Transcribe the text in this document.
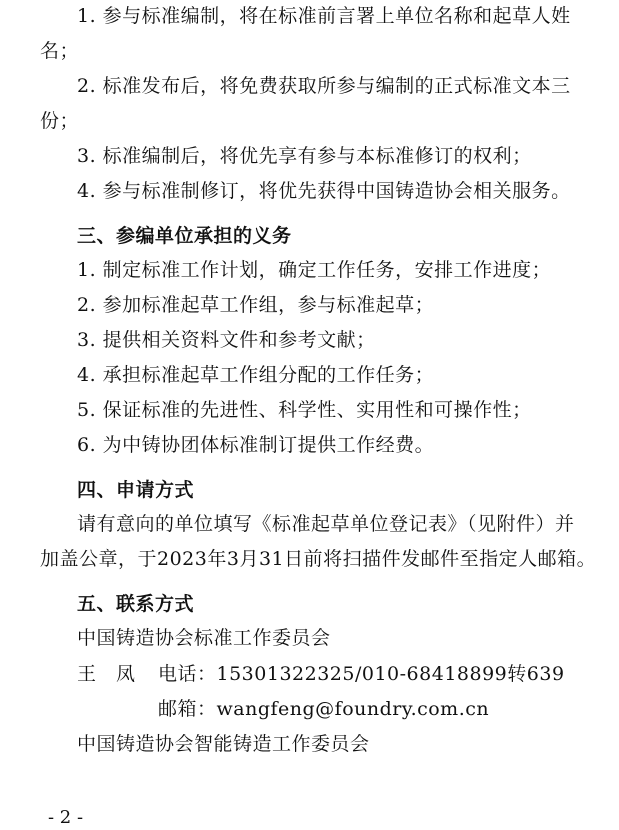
1. 参与标准编制，将在标准前言署上单位名称和起草人姓
名；
2. 标准发布后，将免费获取所参与编制的正式标准文本三
份；
3. 标准编制后，将优先享有参与本标准修订的权利；
4. 参与标准制修订，将优先获得中国铸造协会相关服务。
三、参编单位承担的义务
1. 制定标准工作计划，确定工作任务，安排工作进度；
2. 参加标准起草工作组，参与标准起草；
3. 提供相关资料文件和参考文献；
4. 承担标准起草工作组分配的工作任务；
5. 保证标准的先进性、科学性、实用性和可操作性；
6. 为中铸协团体标准制订提供工作经费。
四、申请方式
请有意向的单位填写《标准起草单位登记表》（见附件）并
加盖公章，于2023年3月31日前将扫描件发邮件至指定人邮箱。
五、联系方式
中国铸造协会标准工作委员会
王　凤	电话：15301322325/010-68418899转639
邮箱：wangfeng@foundry.com.cn
中国铸造协会智能铸造工作委员会
- 2 -
